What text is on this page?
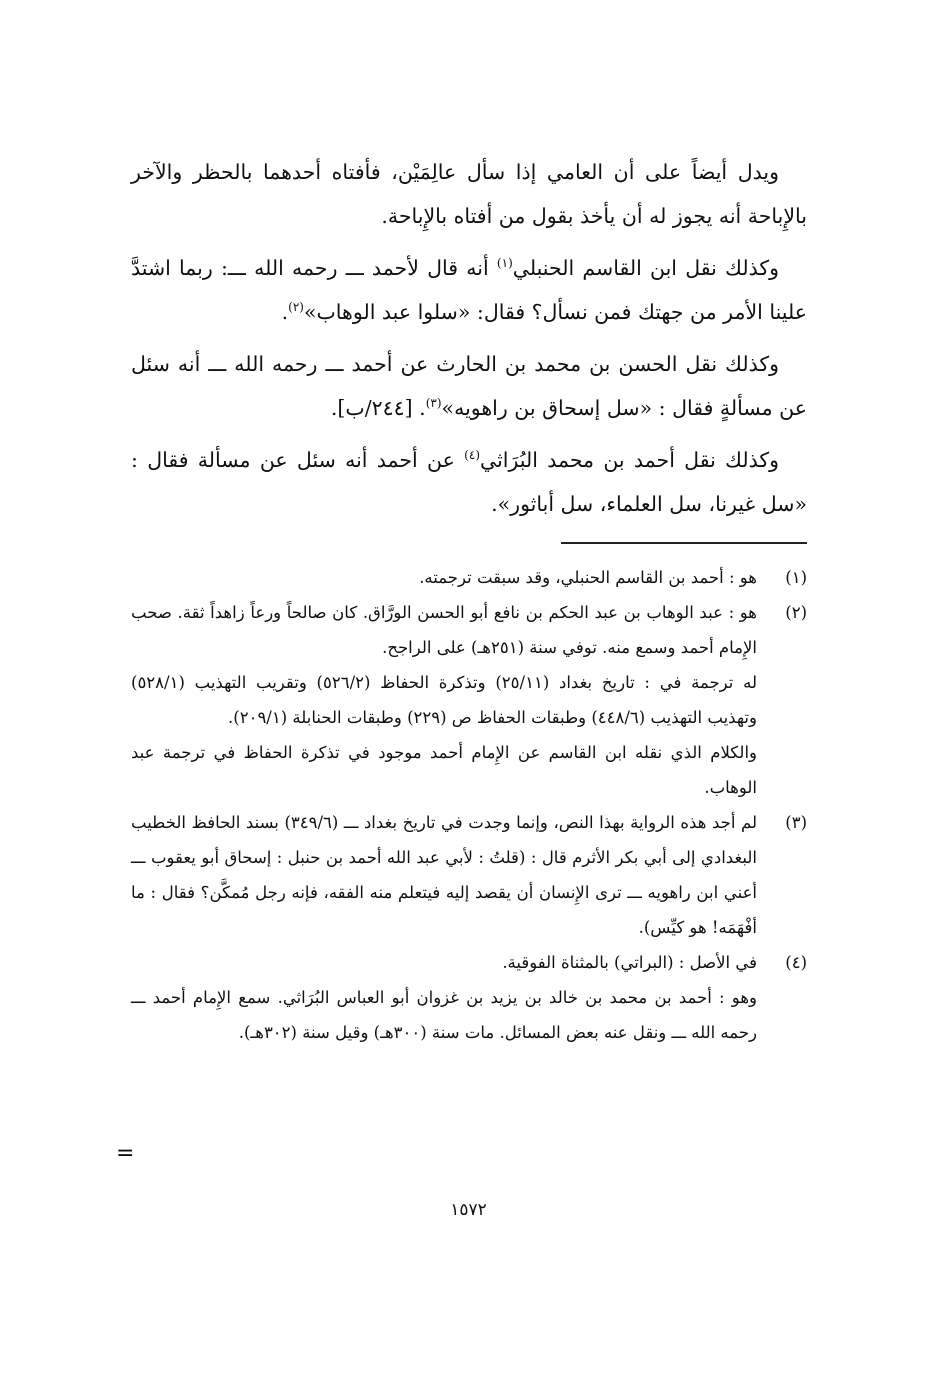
ويدل أيضاً على أن العامي إذا سأل عالِمَيْن، فأفتاه أحدهما بالحظر والآخر بالإِباحة أنه يجوز له أن يأخذ بقول من أفتاه بالإِباحة.

وكذلك نقل ابن القاسم الحنبلي$^{(١)}$ أنه قال لأحمد ـــ رحمه الله ـــ: ربما اشتدَّ علينا الأمر من جهتك فمن نسأل؟ فقال: «سلوا عبد الوهاب»$^{(٢)}$.

وكذلك نقل الحسن بن محمد بن الحارث عن أحمد ـــ رحمه الله ـــ أنه سئل عن مسألةٍ فقال : «سل إسحاق بن راهويه»$^{(٣)}$. [٢٤٤/ب].

وكذلك نقل أحمد بن محمد البُرَاثي$^{(٤)}$ عن أحمد أنه سئل عن مسألة فقال : «سل غيرنا، سل العلماء، سل أباثور».

(١)
هو : أحمد بن القاسم الحنبلي، وقد سبقت ترجمته.
(٢)
هو : عبد الوهاب بن عبد الحكم بن نافع أبو الحسن الورَّاق. كان صالحاً ورعاً زاهداً ثقة. صحب الإِمام أحمد وسمع منه. توفي سنة (٢٥١هـ) على الراجح.
له ترجمة في : تاريخ بغداد (٢٥/١١) وتذكرة الحفاظ (٥٢٦/٢) وتقريب التهذيب (٥٢٨/١) وتهذيب التهذيب (٤٤٨/٦) وطبقات الحفاظ ص (٢٢٩) وطبقات الحنابلة (٢٠٩/١).
والكلام الذي نقله ابن القاسم عن الإِمام أحمد موجود في تذكرة الحفاظ في ترجمة عبد الوهاب.
(٣)
لم أجد هذه الرواية بهذا النص، وإنما وجدت في تاريخ بغداد ـــ (٣٤٩/٦) بسند الحافظ الخطيب البغدادي إلى أبي بكر الأثرم قال : (قلتُ : لأبي عبد الله أحمد بن حنبل : إسحاق أبو يعقوب ـــ أعني ابن راهويه ـــ ترى الإِنسان أن يقصد إليه فيتعلم منه الفقه، فإنه رجل مُمكَّن؟ فقال : ما أفْهَمَه! هو كيِّس).
(٤)
في الأصل : (البراتي) بالمثناة الفوقية.
وهو : أحمد بن محمد بن خالد بن يزيد بن غزوان أبو العباس البُرَاثي. سمع الإِمام أحمد ـــ رحمه الله ـــ ونقل عنه بعض المسائل. مات سنة (٣٠٠هـ) وقيل سنة (٣٠٢هـ).
=
١٥٧٢
